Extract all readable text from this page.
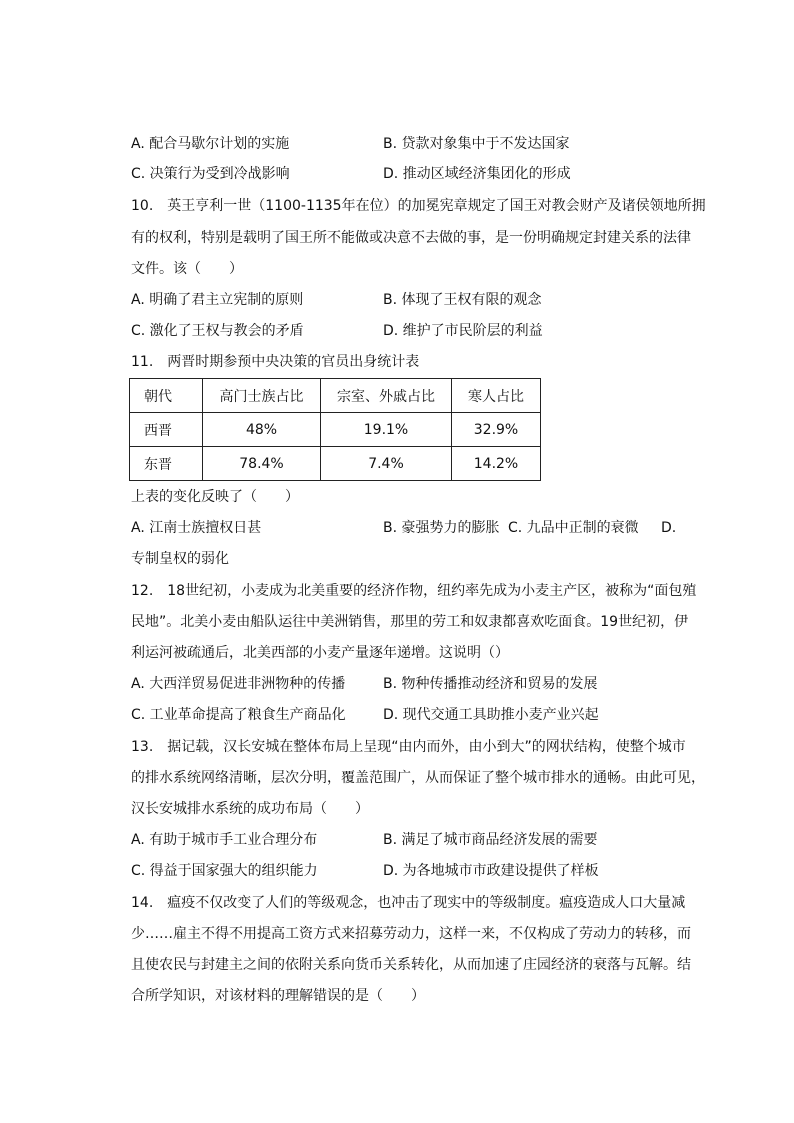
A. 配合马歇尔计划的实施	B. 贷款对象集中于不发达国家
C. 决策行为受到冷战影响	D. 推动区域经济集团化的形成
10.　英王亨利一世（1100-1135年在位）的加冕宪章规定了国王对教会财产及诸侯领地所拥
有的权利，特别是载明了国王所不能做或决意不去做的事，是一份明确规定封建关系的法律
文件。该（　　）
A. 明确了君主立宪制的原则	B. 体现了王权有限的观念
C. 激化了王权与教会的矛盾	D. 维护了市民阶层的利益
11.　两晋时期参预中央决策的官员出身统计表
朝代	高门士族占比	宗室、外戚占比	寒人占比
西晋	48%	19.1%	32.9%
东晋	78.4%	7.4%	14.2%
上表的变化反映了（　　）
A. 江南士族擅权日甚	B. 豪强势力的膨胀 C. 九品中正制的衰微 D.
专制皇权的弱化
12.　18世纪初，小麦成为北美重要的经济作物，纽约率先成为小麦主产区，被称为“面包殖
民地”。北美小麦由船队运往中美洲销售，那里的劳工和奴隶都喜欢吃面食。19世纪初，伊
利运河被疏通后，北美西部的小麦产量逐年递增。这说明（）
A. 大西洋贸易促进非洲物种的传播	B. 物种传播推动经济和贸易的发展
C. 工业革命提高了粮食生产商品化	D. 现代交通工具助推小麦产业兴起
13.　据记载，汉长安城在整体布局上呈现“由内而外，由小到大”的网状结构，使整个城市
的排水系统网络清晰，层次分明，覆盖范围广，从而保证了整个城市排水的通畅。由此可见，
汉长安城排水系统的成功布局（　　）
A. 有助于城市手工业合理分布	B. 满足了城市商品经济发展的需要
C. 得益于国家强大的组织能力	D. 为各地城市市政建设提供了样板
14.　瘟疫不仅改变了人们的等级观念，也冲击了现实中的等级制度。瘟疫造成人口大量减
少……雇主不得不用提高工资方式来招募劳动力，这样一来，不仅构成了劳动力的转移，而
且使农民与封建主之间的依附关系向货币关系转化，从而加速了庄园经济的衰落与瓦解。结
合所学知识，对该材料的理解错误的是（　　）
